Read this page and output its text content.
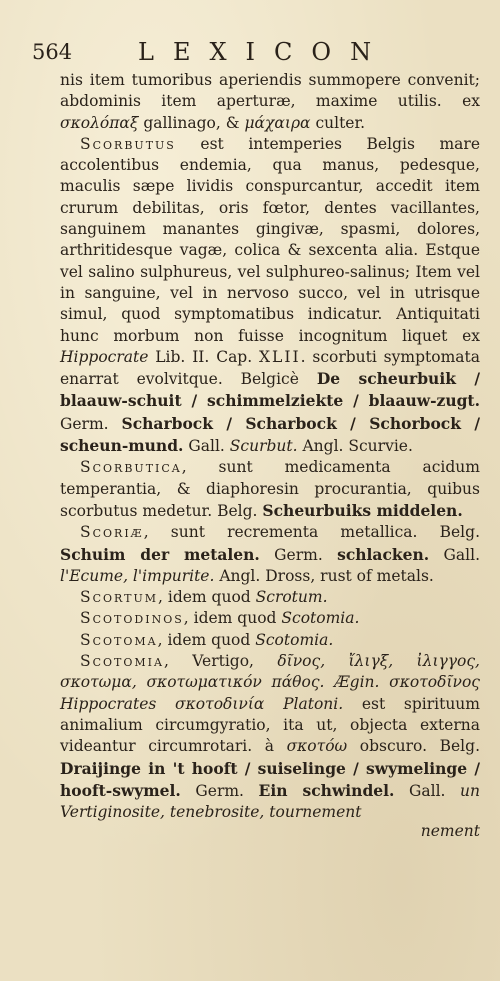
564	LEXICON

nis item tumoribus aperiendis summopere convenit; abdominis item aperturæ, maxime utilis. ex σκολόπαξ gallinago, & μάχαιρα culter.

Scorbutus est intemperies Belgis mare accolentibus endemia, qua manus, pedesque, maculis sæpe lividis conspurcantur, accedit item crurum debilitas, oris fœtor, dentes vacillantes, sanguinem manantes gingivæ, spasmi, dolores, arthritidesque vagæ, colica & sexcenta alia. Estque vel salino sulphureus, vel sulphureo-salinus; Item vel in sanguine, vel in nervoso succo, vel in utrisque simul, quod symptomatibus indicatur. Antiquitati hunc morbum non fuisse incognitum liquet ex Hippocrate Lib. II. Cap. XLII. scorbuti symptomata enarrat evolvitque. Belgicè De scheurbuik / blaauw-schuit / schimmelziekte / blaauw-zugt. Germ. Scharbock / Scharbock / Schorbock / scheun-mund. Gall. Scurbut. Angl. Scurvie.

Scorbutica, sunt medicamenta acidum temperantia, & diaphoresin procurantia, quibus scorbutus medetur. Belg. Scheurbuiks middelen.

Scoriæ, sunt recrementa metallica. Belg. Schuim der metalen. Germ. schlacken. Gall. l'Ecume, l'impurite. Angl. Dross, rust of metals.

Scortum, idem quod Scrotum.

Scotodinos, idem quod Scotomia.

Scotoma, idem quod Scotomia.

Scotomia, Vertigo, δῖνος, ἴλιγξ, ἰλιγγος, σκοτωμα, σκοτωματικόν πάθος. Ægin. σκοτοδῖνος Hippocrates σκοτοδινία Platoni. est spirituum animalium circumgyratio, ita ut, objecta externa videantur circumrotari. à σκοτόω obscuro. Belg. Draijinge in 't hooft / suiselinge / swymelinge / hooft-swymel. Germ. Ein schwindel. Gall. un Vertiginosite, tenebrosite, tournement

nement
